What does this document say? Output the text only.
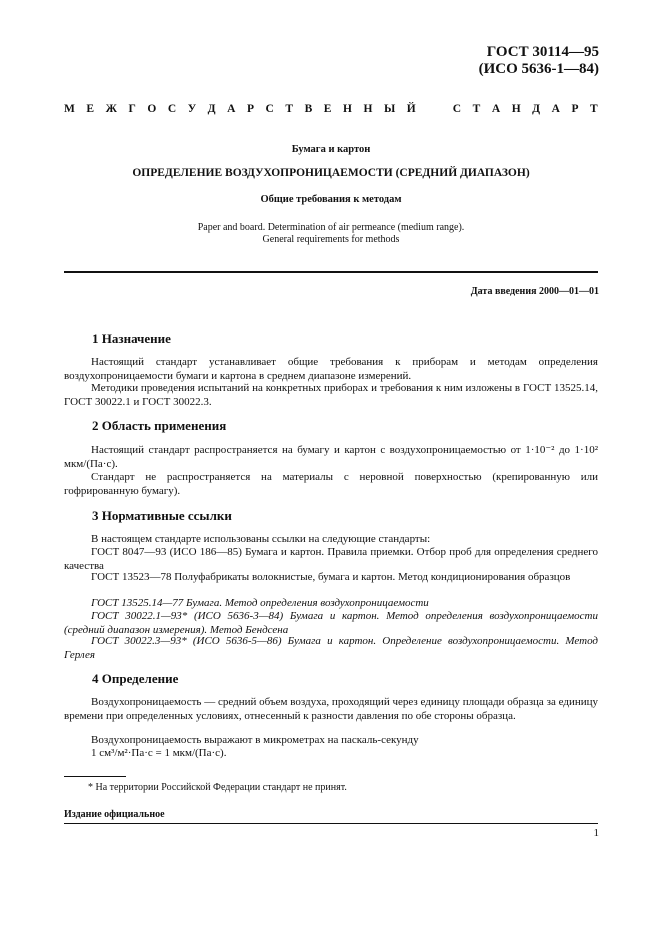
ГОСТ 30114—95
(ИСО 5636-1—84)
М Е Ж Г О С У Д А Р С Т В Е Н Н Ы Й	С Т А Н Д А Р Т
Бумага и картон
ОПРЕДЕЛЕНИЕ ВОЗДУХОПРОНИЦАЕМОСТИ (СРЕДНИЙ ДИАПАЗОН)
Общие требования к методам
Paper and board. Determination of air permeance (medium range).
General requirements for methods
Дата введения 2000—01—01
1 Назначение

Настоящий стандарт устанавливает общие требования к приборам и методам определения воздухопроницаемости бумаги и картона в среднем диапазоне измерений.

Методики проведения испытаний на конкретных приборах и требования к ним изложены в ГОСТ 13525.14, ГОСТ 30022.1 и ГОСТ 30022.3.

2 Область применения

Настоящий стандарт распространяется на бумагу и картон с воздухопроницаемостью от 1·10⁻² до 1·10² мкм/(Па·с).

Стандарт не распространяется на материалы с неровной поверхностью (крепированную или гофрированную бумагу).

3 Нормативные ссылки

В настоящем стандарте использованы ссылки на следующие стандарты:

ГОСТ 8047—93 (ИСО 186—85) Бумага и картон. Правила приемки. Отбор проб для определения среднего качества

ГОСТ 13523—78 Полуфабрикаты волокнистые, бумага и картон. Метод кондиционирования образцов

ГОСТ 13525.14—77 Бумага. Метод определения воздухопроницаемости

ГОСТ 30022.1—93* (ИСО 5636-3—84) Бумага и картон. Метод определения воздухопроницаемости (средний диапазон измерения). Метод Бендсена

ГОСТ 30022.3—93* (ИСО 5636-5—86) Бумага и картон. Определение воздухопроницаемости. Метод Герлея

4 Определение

Воздухопроницаемость — средний объем воздуха, проходящий через единицу площади образца за единицу времени при определенных условиях, отнесенный к разности давления по обе стороны образца.

Воздухопроницаемость выражают в микрометрах на паскаль-секунду

1 см³/м²·Па·с = 1 мкм/(Па·с).

* На территории Российской Федерации стандарт не принят.
Издание официальное
1
